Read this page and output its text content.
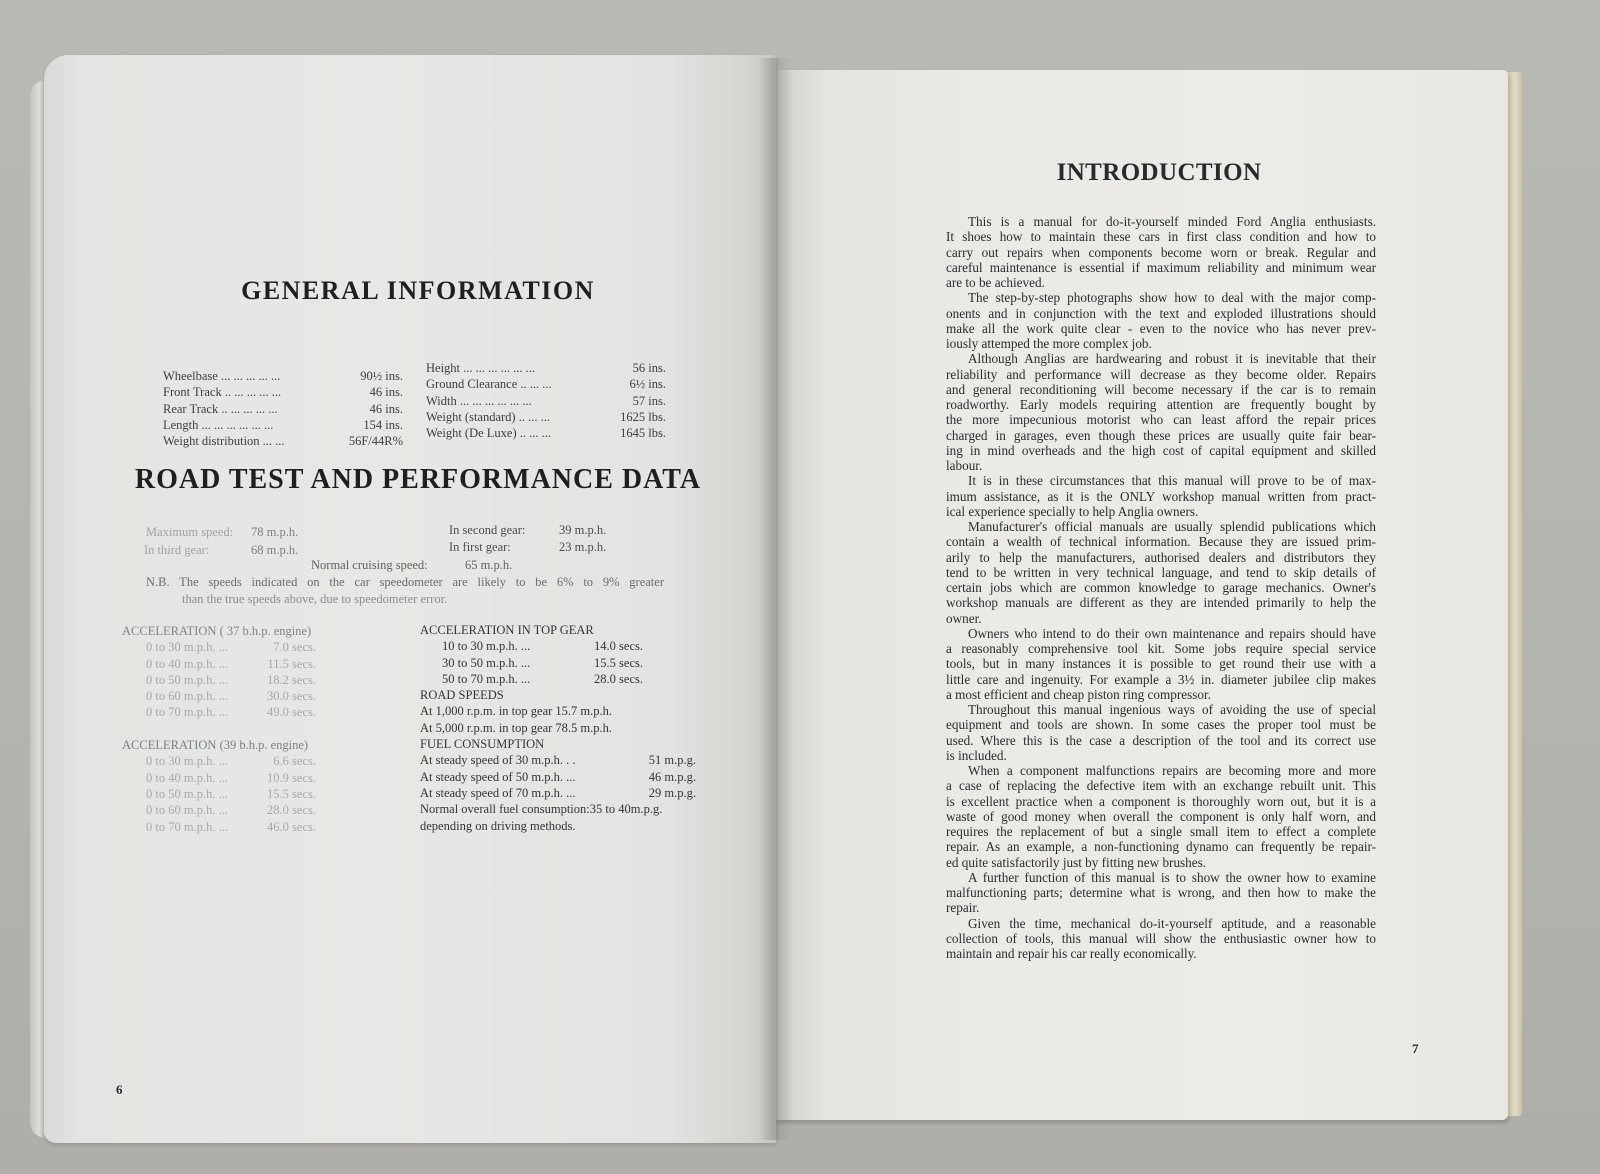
GENERAL INFORMATION
Wheelbase ... ... ... ... ...	90½ ins.
Front Track .. ... ... ... ...	46 ins.
Rear Track .. ... ... ... ...	46 ins.
Length ... ... ... ... ... ...	154 ins.
Weight distribution ... ...	56F/44R%
Height ... ... ... ... ... ...	56 ins.
Ground Clearance .. ... ...	6½ ins.
Width ... ... ... ... ... ...	57 ins.
Weight (standard) .. ... ...	1625 lbs.
Weight (De Luxe) .. ... ...	1645 lbs.
ROAD TEST AND PERFORMANCE DATA
Maximum speed: 78 m.p.h.	In second gear:	39 m.p.h.
In third gear:	68 m.p.h.	In first gear:	23 m.p.h.
Normal cruising speed:	65 m.p.h.
N.B. The speeds indicated on the car speedometer are likely to be 6% to 9% greater
than the true speeds above, due to speedometer error.
ACCELERATION ( 37 b.h.p. engine)
0 to 30 m.p.h. ...	7.0 secs.
0 to 40 m.p.h. ...	11.5 secs.
0 to 50 m.p.h. ...	18.2 secs.
0 to 60 m.p.h. ...	30.0 secs.
0 to 70 m.p.h. ...	49.0 secs.
ACCELERATION (39 b.h.p. engine)
0 to 30 m.p.h. ...	6.6 secs.
0 to 40 m.p.h. ...	10.9 secs.
0 to 50 m.p.h. ...	15.5 secs.
0 to 60 m.p.h. ...	28.0 secs.
0 to 70 m.p.h. ...	46.0 secs.
ACCELERATION IN TOP GEAR
10 to 30 m.p.h. ...	14.0 secs.
30 to 50 m.p.h. ...	15.5 secs.
50 to 70 m.p.h. ...	28.0 secs.
ROAD SPEEDS
At 1,000 r.p.m. in top gear 15.7 m.p.h.
At 5,000 r.p.m. in top gear 78.5 m.p.h.
FUEL CONSUMPTION
At steady speed of 30 m.p.h. . .	51 m.p.g.
At steady speed of 50 m.p.h. ...	46 m.p.g.
At steady speed of 70 m.p.h. ...	29 m.p.g.
Normal overall fuel consumption:35 to 40m.p.g.
depending on driving methods.
6
INTRODUCTION
This is a manual for do-it-yourself minded Ford Anglia enthusiasts.
It shoes how to maintain these cars in first class condition and how to
carry out repairs when components become worn or break. Regular and
careful maintenance is essential if maximum reliability and minimum wear
are to be achieved.
The step-by-step photographs show how to deal with the major comp-
onents and in conjunction with the text and exploded illustrations should
make all the work quite clear - even to the novice who has never prev-
iously attemped the more complex job.
Although Anglias are hardwearing and robust it is inevitable that their
reliability and performance will decrease as they become older. Repairs
and general reconditioning will become necessary if the car is to remain
roadworthy. Early models requiring attention are frequently bought by
the more impecunious motorist who can least afford the repair prices
charged in garages, even though these prices are usually quite fair bear-
ing in mind overheads and the high cost of capital equipment and skilled
labour.
It is in these circumstances that this manual will prove to be of max-
imum assistance, as it is the ONLY workshop manual written from pract-
ical experience specially to help Anglia owners.
Manufacturer's official manuals are usually splendid publications which
contain a wealth of technical information. Because they are issued prim-
arily to help the manufacturers, authorised dealers and distributors they
tend to be written in very technical language, and tend to skip details of
certain jobs which are common knowledge to garage mechanics. Owner's
workshop manuals are different as they are intended primarily to help the
owner.
Owners who intend to do their own maintenance and repairs should have
a reasonably comprehensive tool kit. Some jobs require special service
tools, but in many instances it is possible to get round their use with a
little care and ingenuity. For example a 3½ in. diameter jubilee clip makes
a most efficient and cheap piston ring compressor.
Throughout this manual ingenious ways of avoiding the use of special
equipment and tools are shown. In some cases the proper tool must be
used. Where this is the case a description of the tool and its correct use
is included.
When a component malfunctions repairs are becoming more and more
a case of replacing the defective item with an exchange rebuilt unit. This
is excellent practice when a component is thoroughly worn out, but it is a
waste of good money when overall the component is only half worn, and
requires the replacement of but a single small item to effect a complete
repair. As an example, a non-functioning dynamo can frequently be repair-
ed quite satisfactorily just by fitting new brushes.
A further function of this manual is to show the owner how to examine
malfunctioning parts; determine what is wrong, and then how to make the
repair.
Given the time, mechanical do-it-yourself aptitude, and a reasonable
collection of tools, this manual will show the enthusiastic owner how to
maintain and repair his car really economically.
7
